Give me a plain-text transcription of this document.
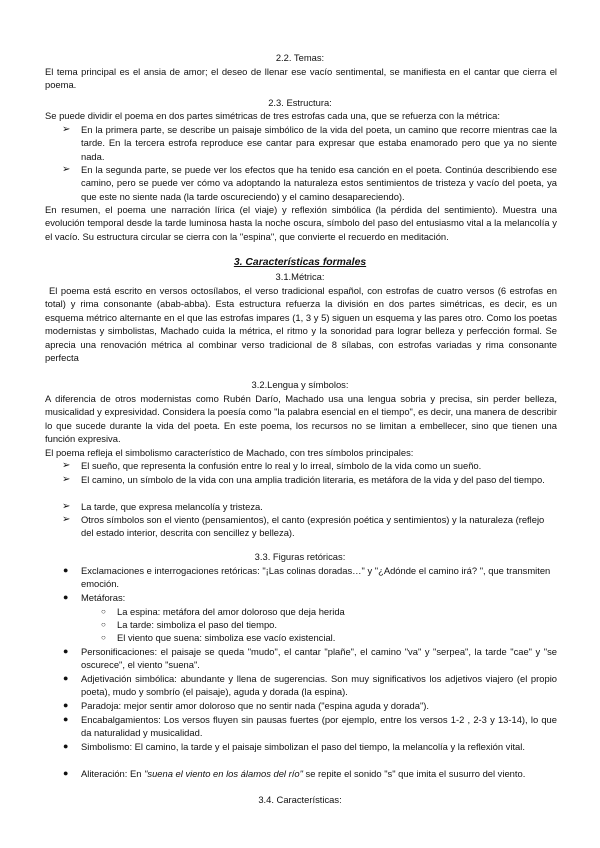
2.2. Temas:
El tema principal es el ansia de amor; el deseo de llenar ese vacío sentimental, se manifiesta en el cantar que cierra el poema.
2.3. Estructura:
Se puede dividir el poema en dos partes simétricas de tres estrofas cada una, que se refuerza con la métrica:
➢ En la primera parte, se describe un paisaje simbólico de la vida del poeta, un camino que recorre mientras cae la tarde. En la tercera estrofa reproduce ese cantar para expresar que estaba enamorado pero que ya no siente nada.
➢ En la segunda parte, se puede ver los efectos que ha tenido esa canción en el poeta. Continúa describiendo ese camino, pero se puede ver cómo va adoptando la naturaleza estos sentimientos de tristeza y vacío del poeta, ya que este no siente nada (la tarde oscureciendo) y el camino desapareciendo).
En resumen, el poema une narración lírica (el viaje) y reflexión simbólica (la pérdida del sentimiento). Muestra una evolución temporal desde la tarde luminosa hasta la noche oscura, símbolo del paso del entusiasmo vital a la melancolía y el vacío. Su estructura circular se cierra con la "espina", que convierte el recuerdo en meditación.
3. Características formales
3.1.Métrica:
El poema está escrito en versos octosílabos, el verso tradicional español, con estrofas de cuatro versos (6 estrofas en total) y rima consonante (abab-abba). Esta estructura refuerza la división en dos partes simétricas, es decir, es un esquema métrico alternante en el que las estrofas impares (1, 3 y 5) siguen un esquema y las pares otro. Como los poetas modernistas y simbolistas, Machado cuida la métrica, el ritmo y la sonoridad para lograr belleza y perfección formal. Se aprecia una renovación métrica al combinar verso tradicional de 8 sílabas, con estrofas variadas y rima consonante perfecta
3.2.Lengua y símbolos:
A diferencia de otros modernistas como Rubén Darío, Machado usa una lengua sobria y precisa, sin perder belleza, musicalidad y expresividad. Considera la poesía como "la palabra esencial en el tiempo", es decir, una manera de describir lo que sucede durante la vida del poeta. En este poema, los recursos no se limitan a embellecer, sino que tienen una función expresiva.
El poema refleja el simbolismo característico de Machado, con tres símbolos principales:
➢ El sueño, que representa la confusión entre lo real y lo irreal, símbolo de la vida como un sueño.
➢ El camino, un símbolo de la vida con una amplia tradición literaria, es metáfora de la vida y del paso del tiempo.
➢ La tarde, que expresa melancolía y tristeza.
➢ Otros símbolos son el viento (pensamientos), el canto (expresión poética y sentimientos) y la naturaleza (reflejo del estado interior, descrita con sencillez y belleza).
3.3. Figuras retóricas:
● Exclamaciones e interrogaciones retóricas: "¡Las colinas doradas…" y "¿Adónde el camino irá? ", que transmiten emoción.
● Metáforas:
○ La espina: metáfora del amor doloroso que deja herida
○ La tarde: simboliza el paso del tiempo.
○ El viento que suena: simboliza ese vacío existencial.
● Personificaciones: el paisaje se queda "mudo", el cantar "plañe", el camino "va" y "serpea", la tarde "cae" y "se oscurece", el viento "suena".
● Adjetivación simbólica: abundante y llena de sugerencias. Son muy significativos los adjetivos viajero (el propio poeta), mudo y sombrío (el paisaje), aguda y dorada (la espina).
● Paradoja: mejor sentir amor doloroso que no sentir nada ("espina aguda y dorada").
● Encabalgamientos: Los versos fluyen sin pausas fuertes (por ejemplo, entre los versos 1-2 , 2-3 y 13-14), lo que da naturalidad y musicalidad.
● Simbolismo: El camino, la tarde y el paisaje simbolizan el paso del tiempo, la melancolía y la reflexión vital.
● Aliteración: En "suena el viento en los álamos del río" se repite el sonido "s" que imita el susurro del viento.
3.4. Características:
